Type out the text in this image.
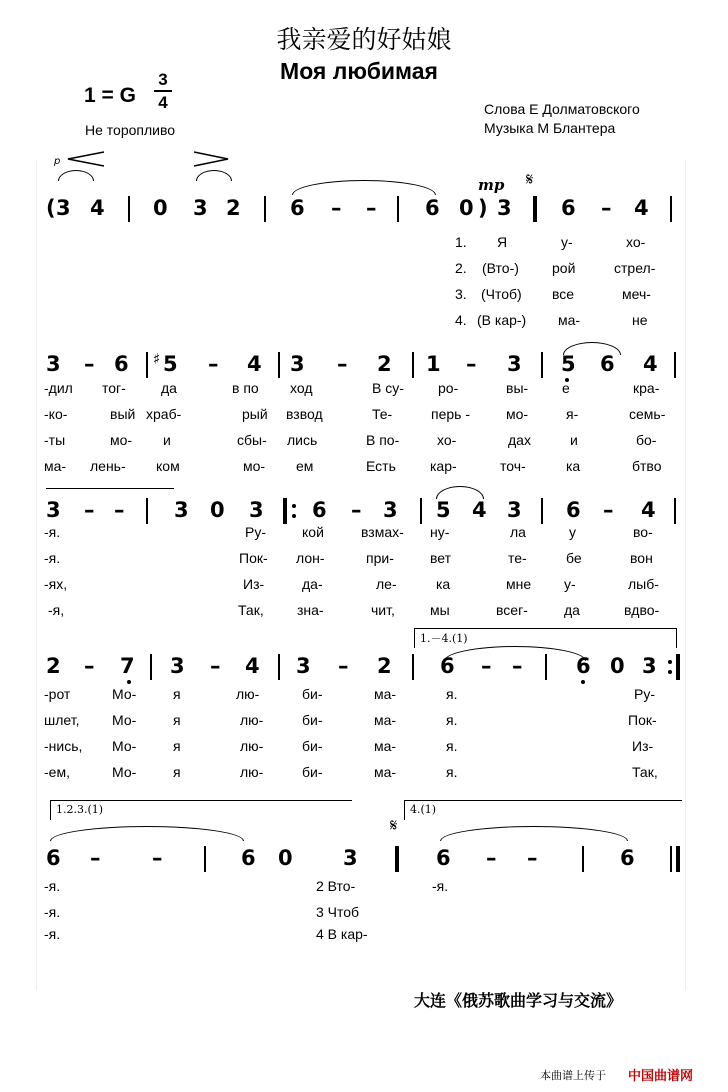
我亲爱的好姑娘
Моя любимая
1 = G
3
4
Не торопливо
Слова Е Долматовского
Музыка М Блантера
p
mp 𝄋
( 3 4 0 3 2 6 – – 6 0 ) 3 6 – 4
1. Я	у-	хо-
2. (Вто-) рой	стрел-
3. (Чтоб) все	меч-
4. (В кар-) ма-	не
3 – 6 ♯ 5 – 4 3 – 2 1 – 3 5 6 4
-дил тог-	да	в по ход	В су- ро-	вы- е	кра-
-ко-	вый храб-	рый взвод	Те-	перь -	мо-	я-	семь-
-ты	мо- и	сбы- лись	В по-	хо-	дах	и	бо-
ма- лень- ком	мо- ем	Есть кар-	точ-	ка	бтво
3 – – 3 0 3 6 – 3 5 4 3 6 – 4
-я.	Ру-	кой	взмах- ну-	ла	у	во-
-я.	Пок- лон-	при-	вет	те-	бе	вон
-ях,	Из-	да-	ле-	ка	мне у-	лыб-
-я,	Так, зна-	чит,	мы	всег-	да	вдво-
1.－4.(1)
2 – 7 3 – 4 3 – 2 6 – –	6 0 3
-рот	Мо-	я	лю-	би-	ма-	я.	Ру-
шлет, Мо-	я	лю-	би-	ма-	я.	Пок-
-нись, Мо-	я	лю-	би-	ма-	я.	Из-
-ем,	Мо-	я	лю-	би-	ма-	я.	Так,
1.2.3.(1)	4.(1)
𝄋
6 – –	6 0 3	6 – –	6
-я.	2 Вто-	-я.
-я.	3 Чтоб
-я.	4 В кар-
大连《俄苏歌曲学习与交流》
本曲谱上传于 中国曲谱网
